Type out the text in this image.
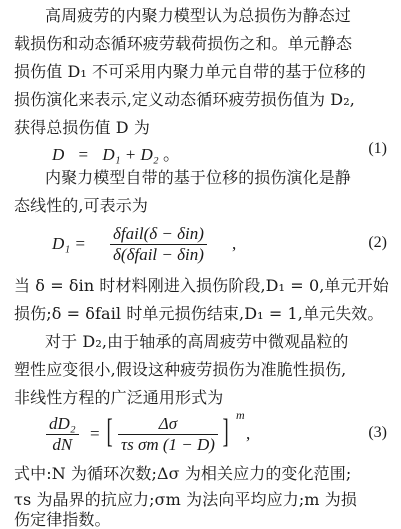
高周疲劳的内聚力模型认为总损伤为静态过
载损伤和动态循环疲劳载荷损伤之和。单元静态
损伤值 D₁ 不可采用内聚力单元自带的基于位移的
损伤演化来表示,定义动态循环疲劳损伤值为 D₂,
获得总损伤值 D 为
D = D₁ + D₂ 。	(1)
内聚力模型自带的基于位移的损伤演化是静
态线性的,可表示为
D₁ =
δfail(δ − δin)
δ(δfail − δin)
,	(2)
当 δ = δin 时材料刚进入损伤阶段,D₁ = 0,单元开始
损伤;δ = δfail 时单元损伤结束,D₁ = 1,单元失效。
对于 D₂,由于轴承的高周疲劳中微观晶粒的
塑性应变很小,假设这种疲劳损伤为准脆性损伤,
非线性方程的广泛通用形式为
$\frac{\text{dD₂}}{dN}$ = [ $\frac{\Delta\sigma}{\text{τs σm (1 − D)}}$ ] m
,	(3)
式中:N 为循环次数;Δσ 为相关应力的变化范围;
τs 为晶界的抗应力;σm 为法向平均应力;m 为损
伤定律指数。
